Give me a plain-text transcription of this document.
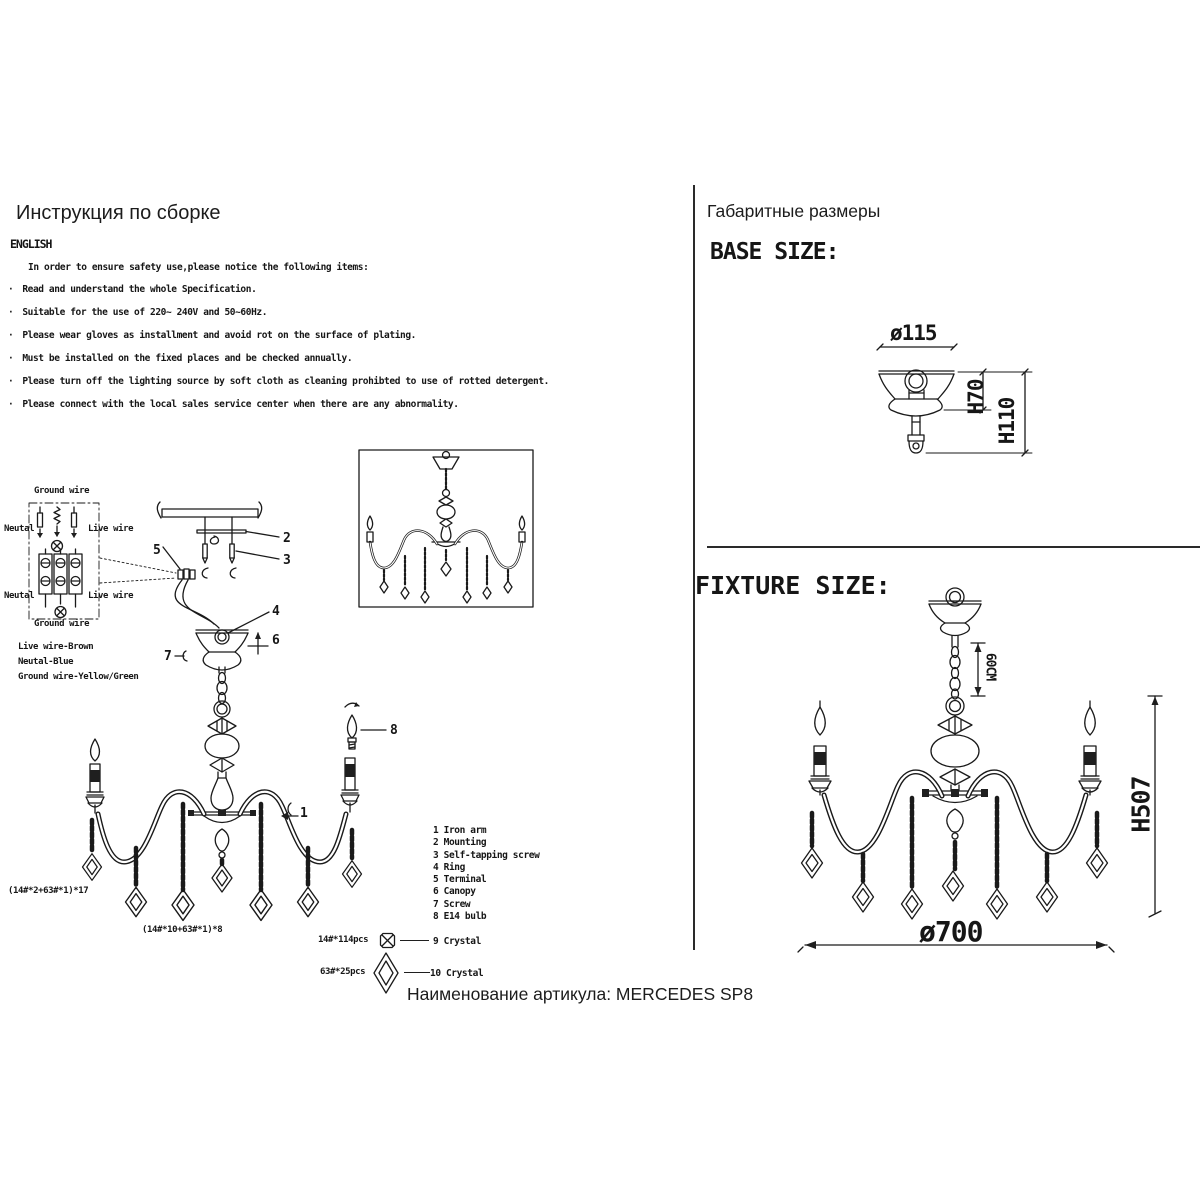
Инструкция по сборке
ENGLISH
In order to ensure safety use,please notice the following items:
· Read and understand the whole Specification.
· Suitable for the use of 220~ 240V and 50~60Hz.
· Please wear gloves as installment and avoid rot on the surface of plating.
· Must be installed on the fixed places and be checked annually.
· Please turn off the lighting source by soft cloth as cleaning prohibted to use of rotted detergent.
· Please connect with the local sales service center when there are any abnormality.
Ground wire
Neutal	Live wire
Neutal	Live wire
Ground wire
Live wire-Brown
Neutal-Blue
Ground wire-Yellow/Green
2
3
5
4
6
7
8
1
(14#*2+63#*1)*17
(14#*10+63#*1)*8
1 Iron arm
2 Mounting
3 Self-tapping screw
4 Ring
5 Terminal
6 Canopy
7 Screw
8 E14 bulb
14#*114pcs	9 Crystal
63#*25pcs	10 Crystal
Наименование артикула: MERCEDES SP8
Габаритные размеры
BASE SIZE:
ø115
H70
H110
FIXTURE SIZE:
60CM
H507
ø700
